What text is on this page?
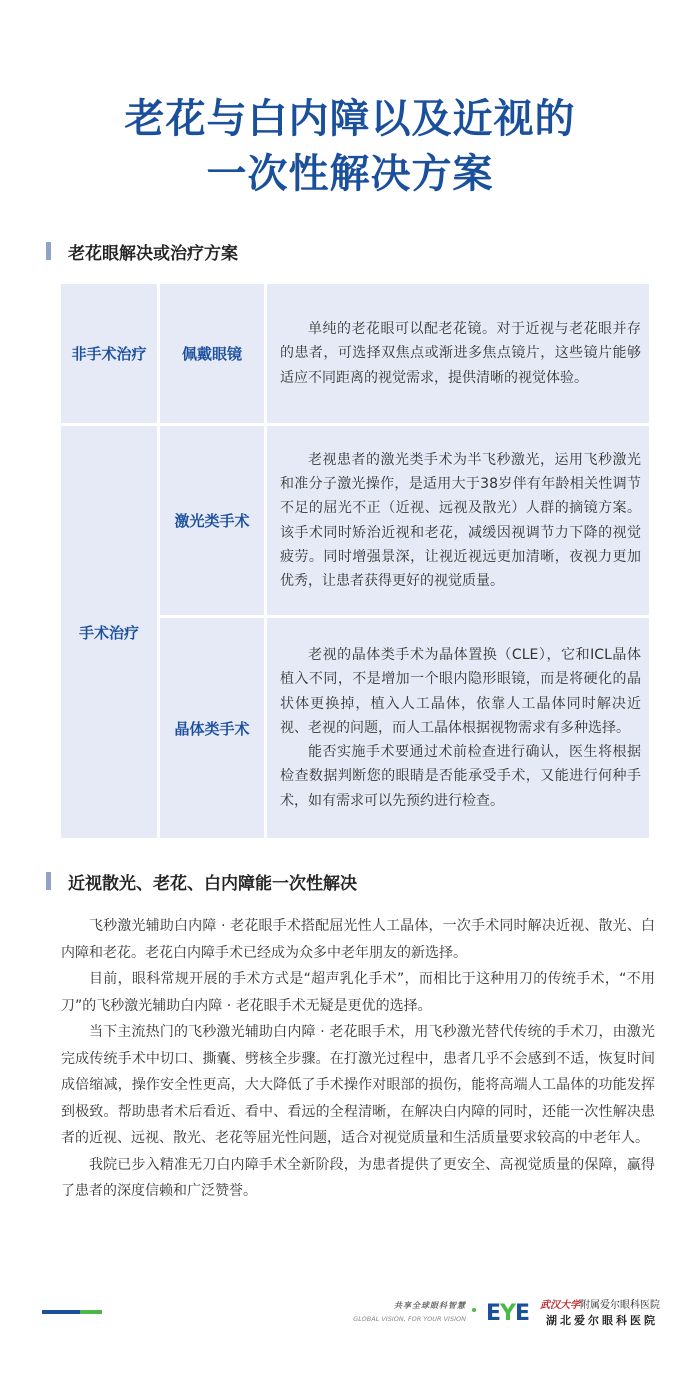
老花与白内障以及近视的
一次性解决方案
老花眼解决或治疗方案
非手术治疗	佩戴眼镜	单纯的老花眼可以配老花镜。对于近视与老花眼并存的患者，可选择双焦点或渐进多焦点镜片，这些镜片能够适应不同距离的视觉需求，提供清晰的视觉体验。

手术治疗	激光类手术	老视患者的激光类手术为半飞秒激光，运用飞秒激光和准分子激光操作，是适用大于38岁伴有年龄相关性调节不足的屈光不正（近视、远视及散光）人群的摘镜方案。该手术同时矫治近视和老花，减缓因视调节力下降的视觉疲劳。同时增强景深，让视近视远更加清晰，夜视力更加优秀，让患者获得更好的视觉质量。

	晶体类手术	老视的晶体类手术为晶体置换（CLE），它和ICL晶体植入不同，不是增加一个眼内隐形眼镜，而是将硬化的晶状体更换掉，植入人工晶体，依靠人工晶体同时解决近视、老视的问题，而人工晶体根据视物需求有多种选择。

能否实施手术要通过术前检查进行确认，医生将根据检查数据判断您的眼睛是否能承受手术，又能进行何种手术，如有需求可以先预约进行检查。

近视散光、老花、白内障能一次性解决

飞秒激光辅助白内障 · 老花眼手术搭配屈光性人工晶体，一次手术同时解决近视、散光、白内障和老花。老花白内障手术已经成为众多中老年朋友的新选择。

目前，眼科常规开展的手术方式是“超声乳化手术”，而相比于这种用刀的传统手术，“不用刀”的飞秒激光辅助白内障 · 老花眼手术无疑是更优的选择。

当下主流热门的飞秒激光辅助白内障 · 老花眼手术，用飞秒激光替代传统的手术刀，由激光完成传统手术中切口、撕囊、劈核全步骤。在打激光过程中，患者几乎不会感到不适，恢复时间成倍缩减，操作安全性更高，大大降低了手术操作对眼部的损伤，能将高端人工晶体的功能发挥到极致。帮助患者术后看近、看中、看远的全程清晰，在解决白内障的同时，还能一次性解决患者的近视、远视、散光、老花等屈光性问题，适合对视觉质量和生活质量要求较高的中老年人。

我院已步入精准无刀白内障手术全新阶段，为患者提供了更安全、高视觉质量的保障，赢得了患者的深度信赖和广泛赞誉。

共享全球眼科智慧
GLOBAL VISION, FOR YOUR VISION EYE 武汉大学附属爱尔眼科医院
湖北爱尔眼科医院
